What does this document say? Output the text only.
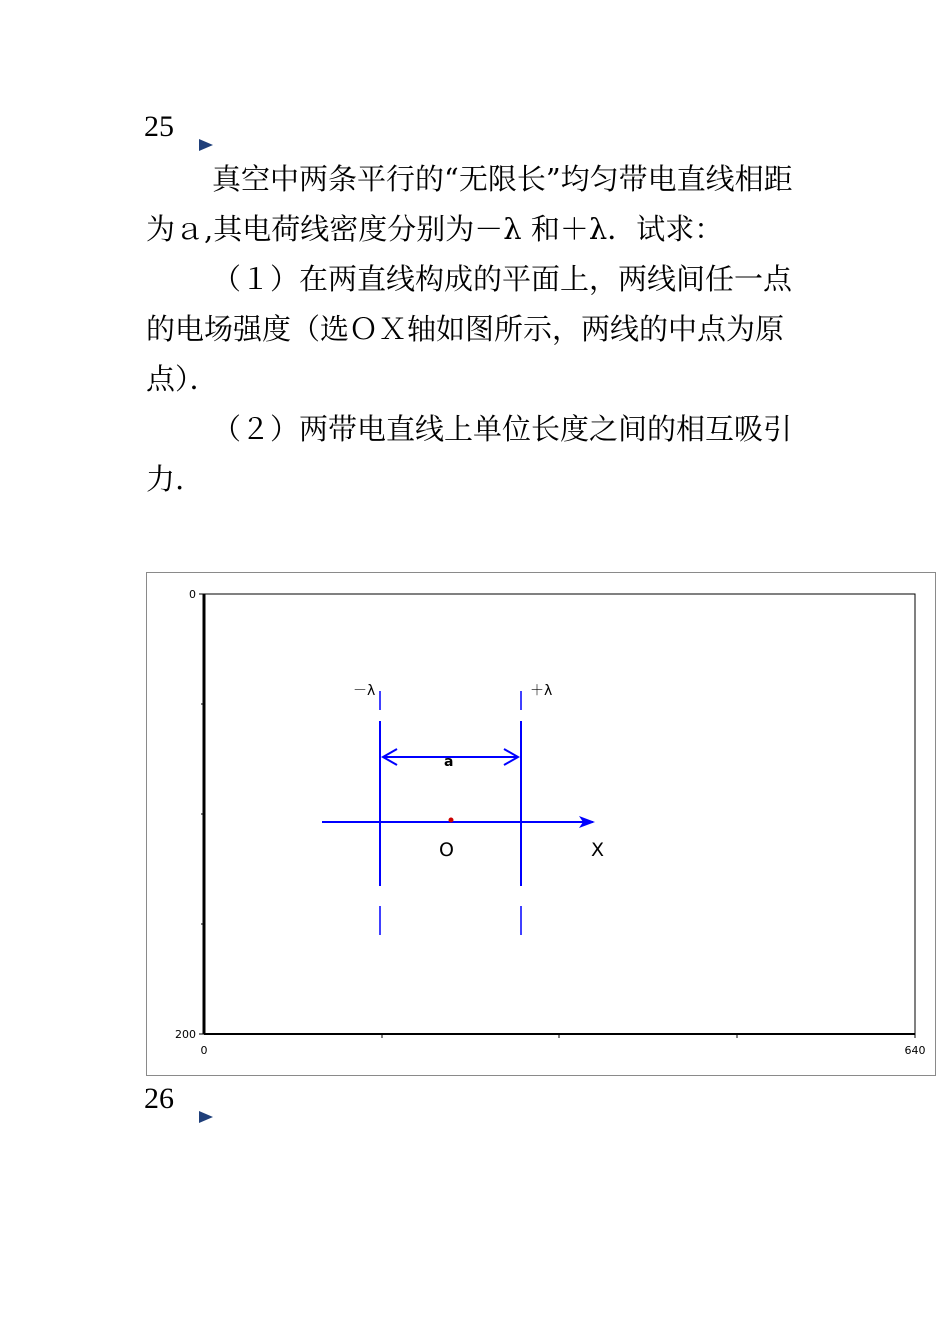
25

真空中两条平行的“无限长”均匀带电直线相距为ａ,其电荷线密度分别为－λ 和＋λ．试求：

（１）在两直线构成的平面上，两线间任一点的电场强度（选ＯＸ轴如图所示，两线的中点为原点）．

（２）两带电直线上单位长度之间的相互吸引力.

0
200
0	640
－λ	＋λ
a
O	X
26
